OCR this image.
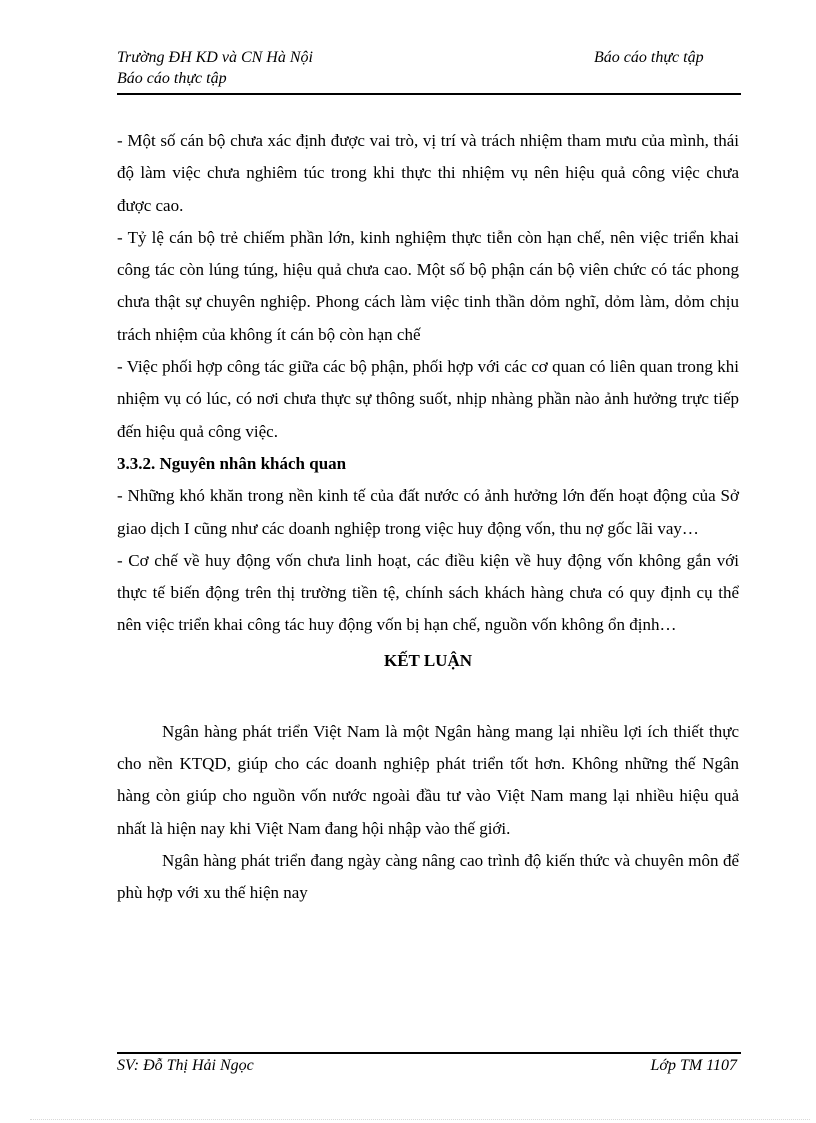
Trường ĐH KD và CN Hà Nội
Báo cáo thực tập
Báo cáo thực tập

- Một số cán bộ chưa xác định được vai trò, vị trí và trách nhiệm tham mưu của mình, thái độ làm việc chưa nghiêm túc trong khi thực thi nhiệm vụ nên hiệu quả công việc chưa được cao.

- Tỷ lệ cán bộ trẻ chiếm phần lớn, kinh nghiệm thực tiễn còn hạn chế, nên việc triển khai công tác còn lúng túng, hiệu quả chưa cao. Một số bộ phận cán bộ viên chức có tác phong chưa thật sự chuyên nghiệp. Phong cách làm việc tinh thần dỏm nghĩ, dỏm làm, dỏm chịu trách nhiệm của không ít cán bộ còn hạn chế

- Việc phối hợp công tác giữa các bộ phận, phối hợp với các cơ quan có liên quan trong khi nhiệm vụ có lúc, có nơi chưa thực sự thông suốt, nhịp nhàng phần nào ảnh hưởng trực tiếp đến hiệu quả công việc.

3.3.2. Nguyên nhân khách quan

- Những khó khăn trong nền kinh tế của đất nước có ảnh hưởng lớn đến hoạt động của Sở giao dịch I cũng như các doanh nghiệp trong việc huy động vốn, thu nợ gốc lãi vay…

- Cơ chế về huy động vốn chưa linh hoạt, các điều kiện về huy động vốn không gắn với thực tế biến động trên thị trường tiền tệ, chính sách khách hàng chưa có quy định cụ thể nên việc triển khai công tác huy động vốn bị hạn chế, nguồn vốn không ổn định…

KẾT LUẬN

Ngân hàng phát triển Việt Nam là một Ngân hàng mang lại nhiều lợi ích thiết thực cho nền KTQD, giúp cho các doanh nghiệp phát triển tốt hơn. Không những thế Ngân hàng còn giúp cho nguồn vốn nước ngoài đầu tư vào Việt Nam mang lại nhiều hiệu quả nhất là hiện nay khi Việt Nam đang hội nhập vào thế giới.

Ngân hàng phát triển đang ngày càng nâng cao trình độ kiến thức và chuyên môn để phù hợp với xu thế hiện nay

SV: Đỗ Thị Hải Ngọc	Lớp TM 1107
